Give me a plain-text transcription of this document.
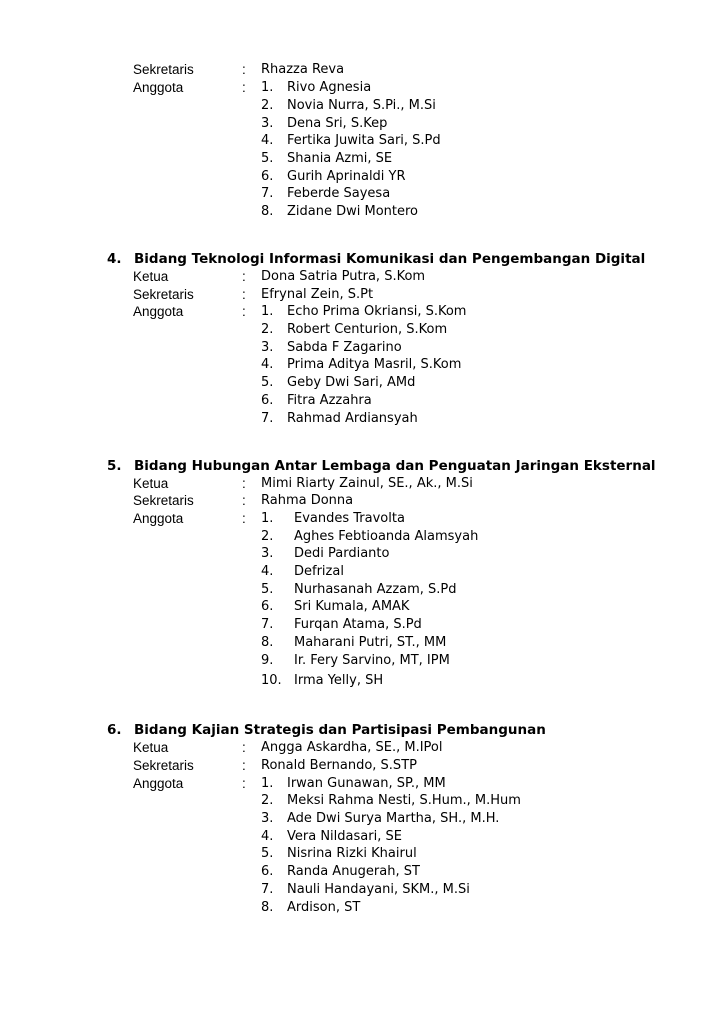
Sekretaris	: Rhazza Reva
Anggota	: 1. Rivo Agnesia
2. Novia Nurra, S.Pi., M.Si
3. Dena Sri, S.Kep
4. Fertika Juwita Sari, S.Pd
5. Shania Azmi, SE
6. Gurih Aprinaldi YR
7. Feberde Sayesa
8. Zidane Dwi Montero
4. Bidang Teknologi Informasi Komunikasi dan Pengembangan Digital
Ketua	: Dona Satria Putra, S.Kom
Sekretaris	: Efrynal Zein, S.Pt
Anggota	: 1. Echo Prima Okriansi, S.Kom
2. Robert Centurion, S.Kom
3. Sabda F Zagarino
4. Prima Aditya Masril, S.Kom
5. Geby Dwi Sari, AMd
6. Fitra Azzahra
7. Rahmad Ardiansyah
5. Bidang Hubungan Antar Lembaga dan Penguatan Jaringan Eksternal
Ketua	: Mimi Riarty Zainul, SE., Ak., M.Si
Sekretaris	: Rahma Donna
Anggota	: 1. Evandes Travolta
2. Aghes Febtioanda Alamsyah
3. Dedi Pardianto
4. Defrizal
5. Nurhasanah Azzam, S.Pd
6. Sri Kumala, AMAK
7. Furqan Atama, S.Pd
8. Maharani Putri, ST., MM
9. Ir. Fery Sarvino, MT, IPM
10. Irma Yelly, SH
6. Bidang Kajian Strategis dan Partisipasi Pembangunan
Ketua	: Angga Askardha, SE., M.IPol
Sekretaris	: Ronald Bernando, S.STP
Anggota	: 1. Irwan Gunawan, SP., MM
2. Meksi Rahma Nesti, S.Hum., M.Hum
3. Ade Dwi Surya Martha, SH., M.H.
4. Vera Nildasari, SE
5. Nisrina Rizki Khairul
6. Randa Anugerah, ST
7. Nauli Handayani, SKM., M.Si
8. Ardison, ST
